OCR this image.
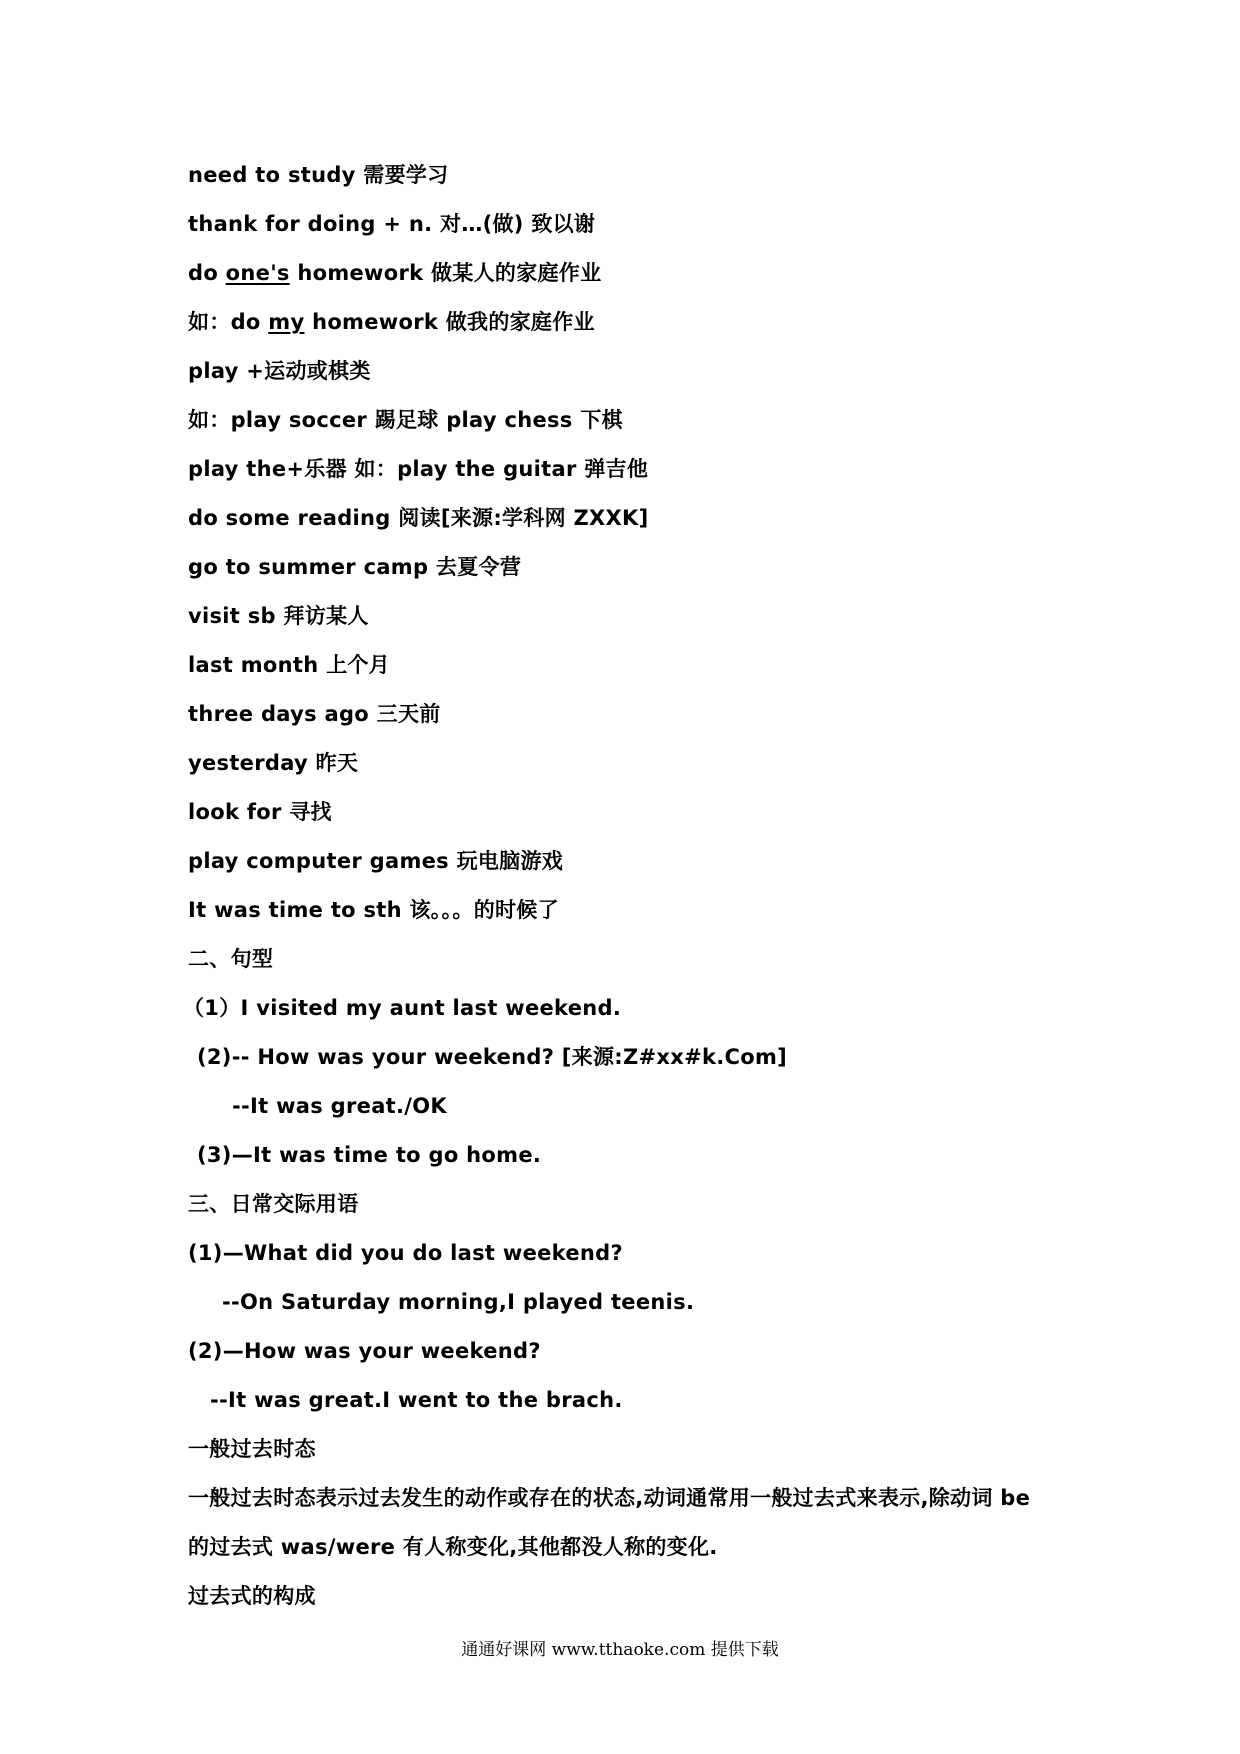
need to study 需要学习
thank for doing + n. 对…(做) 致以谢
do one's homework 做某人的家庭作业
如：do my homework 做我的家庭作业
play +运动或棋类
如：play soccer 踢足球 play chess 下棋
play the+乐器 如：play the guitar 弹吉他
do some reading 阅读[来源:学科网 ZXXK]
go to summer camp 去夏令营
visit sb 拜访某人
last month 上个月
three days ago 三天前
yesterday 昨天
look for 寻找
play computer games 玩电脑游戏
It was time to sth 该。。。的时候了
二、句型
（1）I visited my aunt last weekend.
(2)-- How was your weekend? [来源:Z#xx#k.Com]
--It was great./OK
(3)—It was time to go home.
三、日常交际用语
(1)—What did you do last weekend?
--On Saturday morning,I played teenis.
(2)—How was your weekend?
--It was great.I went to the brach.
一般过去时态
一般过去时态表示过去发生的动作或存在的状态,动词通常用一般过去式来表示,除动词 be
的过去式 was/were 有人称变化,其他都没人称的变化.
过去式的构成
通通好课网 www.tthaoke.com 提供下载
